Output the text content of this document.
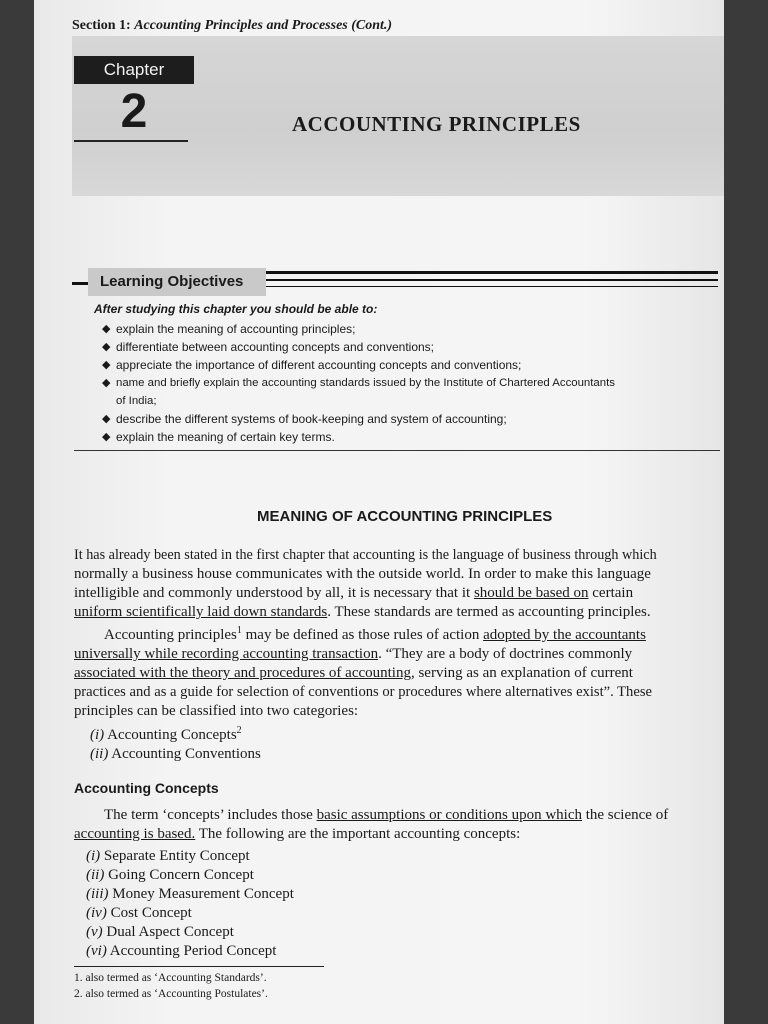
Section 1: Accounting Principles and Processes (Cont.)
Chapter
2	ACCOUNTING PRINCIPLES
Learning Objectives
After studying this chapter you should be able to:
◆ explain the meaning of accounting principles;
◆ differentiate between accounting concepts and conventions;
◆ appreciate the importance of different accounting concepts and conventions;
◆ name and briefly explain the accounting standards issued by the Institute of Chartered Accountants
of India;
◆ describe the different systems of book-keeping and system of accounting;
◆ explain the meaning of certain key terms.
MEANING OF ACCOUNTING PRINCIPLES

It has already been stated in the first chapter that accounting is the language of business through which
normally a business house communicates with the outside world. In order to make this language
intelligible and commonly understood by all, it is necessary that it should be based on certain
uniform scientifically laid down standards. These standards are termed as accounting principles.

Accounting principles$^1$ may be defined as those rules of action adopted by the accountants
universally while recording accounting transaction. “They are a body of doctrines commonly
associated with the theory and procedures of accounting, serving as an explanation of current
practices and as a guide for selection of conventions or procedures where alternatives exist”. These
principles can be classified into two categories:

(i) Accounting Concepts$^2$
(ii) Accounting Conventions
Accounting Concepts

The term ‘concepts’ includes those basic assumptions or conditions upon which the science of
accounting is based. The following are the important accounting concepts:

(i) Separate Entity Concept
(ii) Going Concern Concept
(iii) Money Measurement Concept
(iv) Cost Concept
(v) Dual Aspect Concept
(vi) Accounting Period Concept
1. also termed as ‘Accounting Standards’.
2. also termed as ‘Accounting Postulates’.
